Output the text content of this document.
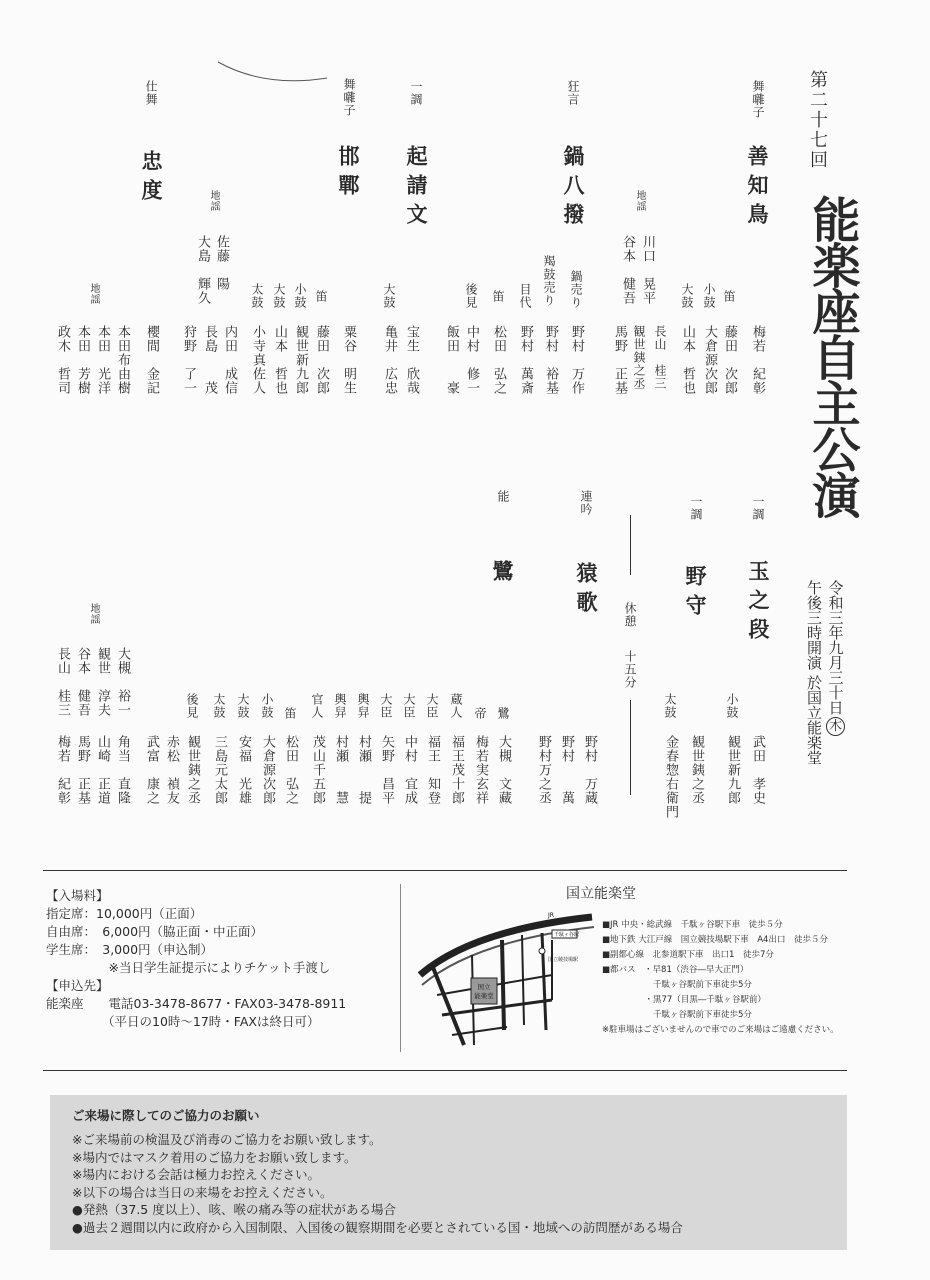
第二十七回
能楽座自主公演
令和三年九月三十日木
午後三時開演 於国立能楽堂
舞囃子
善知鳥
梅若　紀彰
笛
藤田　次郎
小鼓
大倉源次郎
大鼓
山本　哲也
長山　桂三
観世銕之丞
地謡
川口　晃平
谷本　健吾
馬野　正基
狂言
鍋八撥
鍋売り
野村　万作
羯鼓売り
野村　裕基
目代
野村　萬斎
笛
松田　弘之
後見
中村　修一
飯田　　豪
一調
起請文
宝生　欣哉
大鼓
亀井　広忠
舞囃子
邯鄲
粟谷　明生
笛
藤田　次郎
小鼓
観世新九郎
大鼓
山本　哲也
太鼓
小寺真佐人
内田　成信
長島　　茂
狩野　了一
地謡
佐藤　陽
大島　輝久
仕舞
忠度
櫻間　金記
地謡
本田布由樹
本田　光洋
本田　芳樹
政木　哲司
一調
玉之段
武田　孝史
小鼓
観世新九郎
一調
野守
太鼓
観世銕之丞
金春惣右衛門
休憩
十五分
連吟
猿歌
野村　万蔵
野村　　萬
野村万之丞
能
鷺
鷺
大槻　文藏
帝
梅若実玄祥
蔵人
福王茂十郎
大臣
福王　知登
大臣
中村　宜成
大臣
矢野　昌平
輿舁
村瀬　　提
輿舁
村瀬　　慧
官人
茂山千五郎
笛
松田　弘之
小鼓
大倉源次郎
大鼓
安福　光雄
太鼓
三島元太郎
後見
観世銕之丞
赤松　禎友
武富　康之
地謡
角当　直隆
山崎　正道
馬野　正基
梅若　紀彰
大槻　裕一
観世　淳夫
谷本　健吾
長山　桂三
【入場料】
指定席：10,000円（正面）
自由席：　6,000円（脇正面・中正面）
学生席：　3,000円（申込制）
　　　　　※当日学生証提示によりチケット手渡し
【申込先】
能楽座　　電話03-3478-8677・FAX03-3478-8911
（平日の10時〜17時・FAXは終日可）
国立能楽堂
国立
能楽堂
JR
千駄ヶ谷駅
国立競技場駅
■JR 中央・総武線　千駄ヶ谷駅下車　徒歩５分
■地下鉄 大江戸線　国立競技場駅下車　A4出口　徒歩５分
■副都心線　北参道駅下車　出口1　徒歩7分
■都バス　・早81（渋谷―早大正門）
　　　　　　千駄ヶ谷駅前下車徒歩5分
　　　　　・黒77（目黒―千駄ヶ谷駅前）
　　　　　　千駄ヶ谷駅前下車徒歩5分
※駐車場はございませんので車でのご来場はご遠慮ください。
ご来場に際してのご協力のお願い
※ご来場前の検温及び消毒のご協力をお願い致します。
※場内ではマスク着用のご協力をお願い致します。
※場内における会話は極力お控えください。
※以下の場合は当日の来場をお控えください。
●発熱（37.5 度以上）、咳、喉の痛み等の症状がある場合
●過去２週間以内に政府から入国制限、入国後の観察期間を必要とされている国・地域への訪問歴がある場合
